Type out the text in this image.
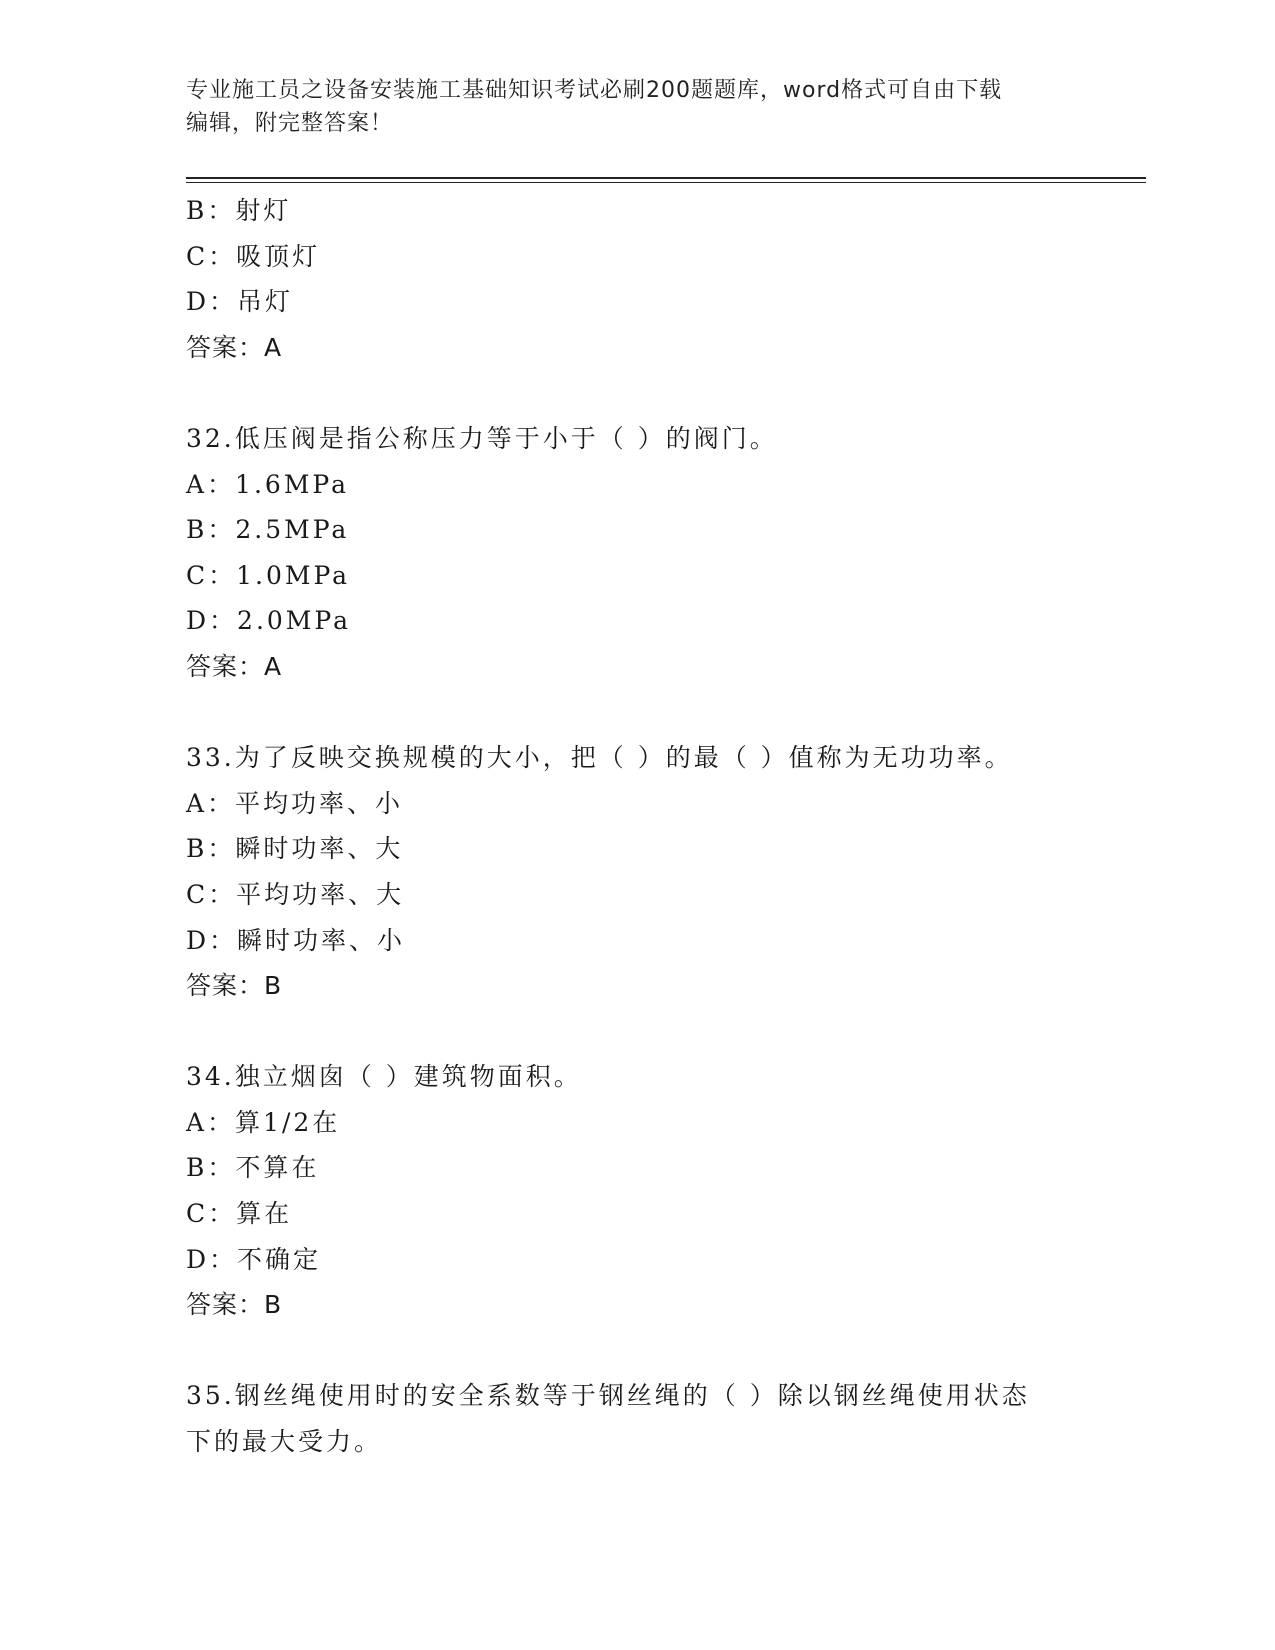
专业施工员之设备安装施工基础知识考试必刷200题题库，word格式可自由下载
编辑，附完整答案！
B：射灯
C：吸顶灯
D：吊灯
答案：A
32.低压阀是指公称压力等于小于（ ）的阀门。
A：1.6MPa
B：2.5MPa
C：1.0MPa
D：2.0MPa
答案：A
33.为了反映交换规模的大小，把（ ）的最（ ）值称为无功功率。
A：平均功率、小
B：瞬时功率、大
C：平均功率、大
D：瞬时功率、小
答案：B
34.独立烟囱（ ）建筑物面积。
A：算1/2在
B：不算在
C：算在
D：不确定
答案：B
35.钢丝绳使用时的安全系数等于钢丝绳的（ ）除以钢丝绳使用状态
下的最大受力。
